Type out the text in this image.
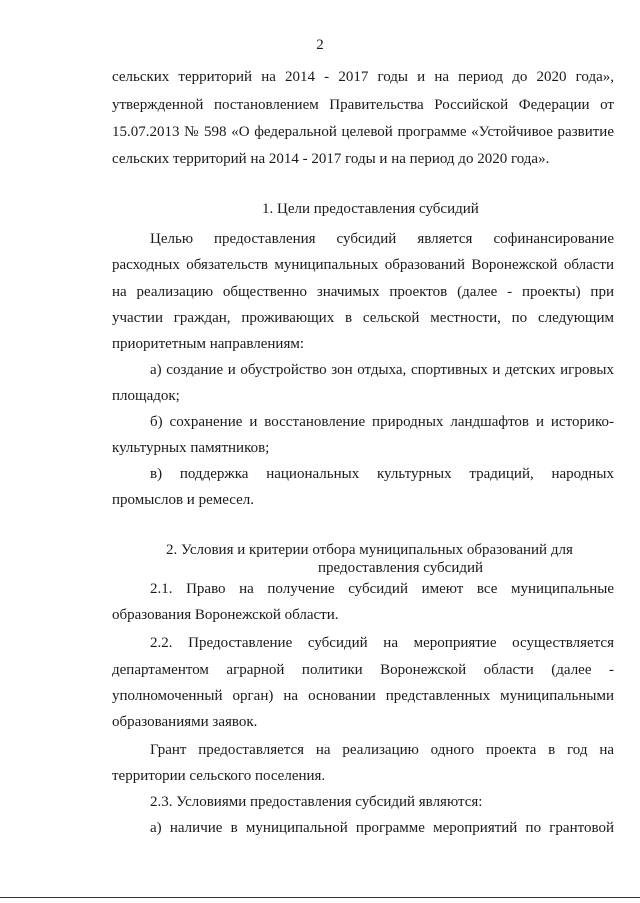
2
сельских территорий на 2014 - 2017 годы и на период до 2020 года»,
утвержденной постановлением Правительства Российской Федерации от
15.07.2013 № 598 «О федеральной целевой программе «Устойчивое развитие
сельских территорий на 2014 - 2017 годы и на период до 2020 года».
1. Цели предоставления субсидий
Целью предоставления субсидий является софинансирование
расходных обязательств муниципальных образований Воронежской области
на реализацию общественно значимых проектов (далее - проекты) при
участии граждан, проживающих в сельской местности, по следующим
приоритетным направлениям:
а) создание и обустройство зон отдыха, спортивных и детских игровых
площадок;
б) сохранение и восстановление природных ландшафтов и историко-
культурных памятников;
в) поддержка национальных культурных традиций, народных
промыслов и ремесел.
2. Условия и критерии отбора муниципальных образований для
предоставления субсидий
2.1. Право на получение субсидий имеют все муниципальные
образования Воронежской области.
2.2. Предоставление субсидий на мероприятие осуществляется
департаментом аграрной политики Воронежской области (далее -
уполномоченный орган) на основании представленных муниципальными
образованиями заявок.
Грант предоставляется на реализацию одного проекта в год на
территории сельского поселения.
2.3. Условиями предоставления субсидий являются:
а) наличие в муниципальной программе мероприятий по грантовой
